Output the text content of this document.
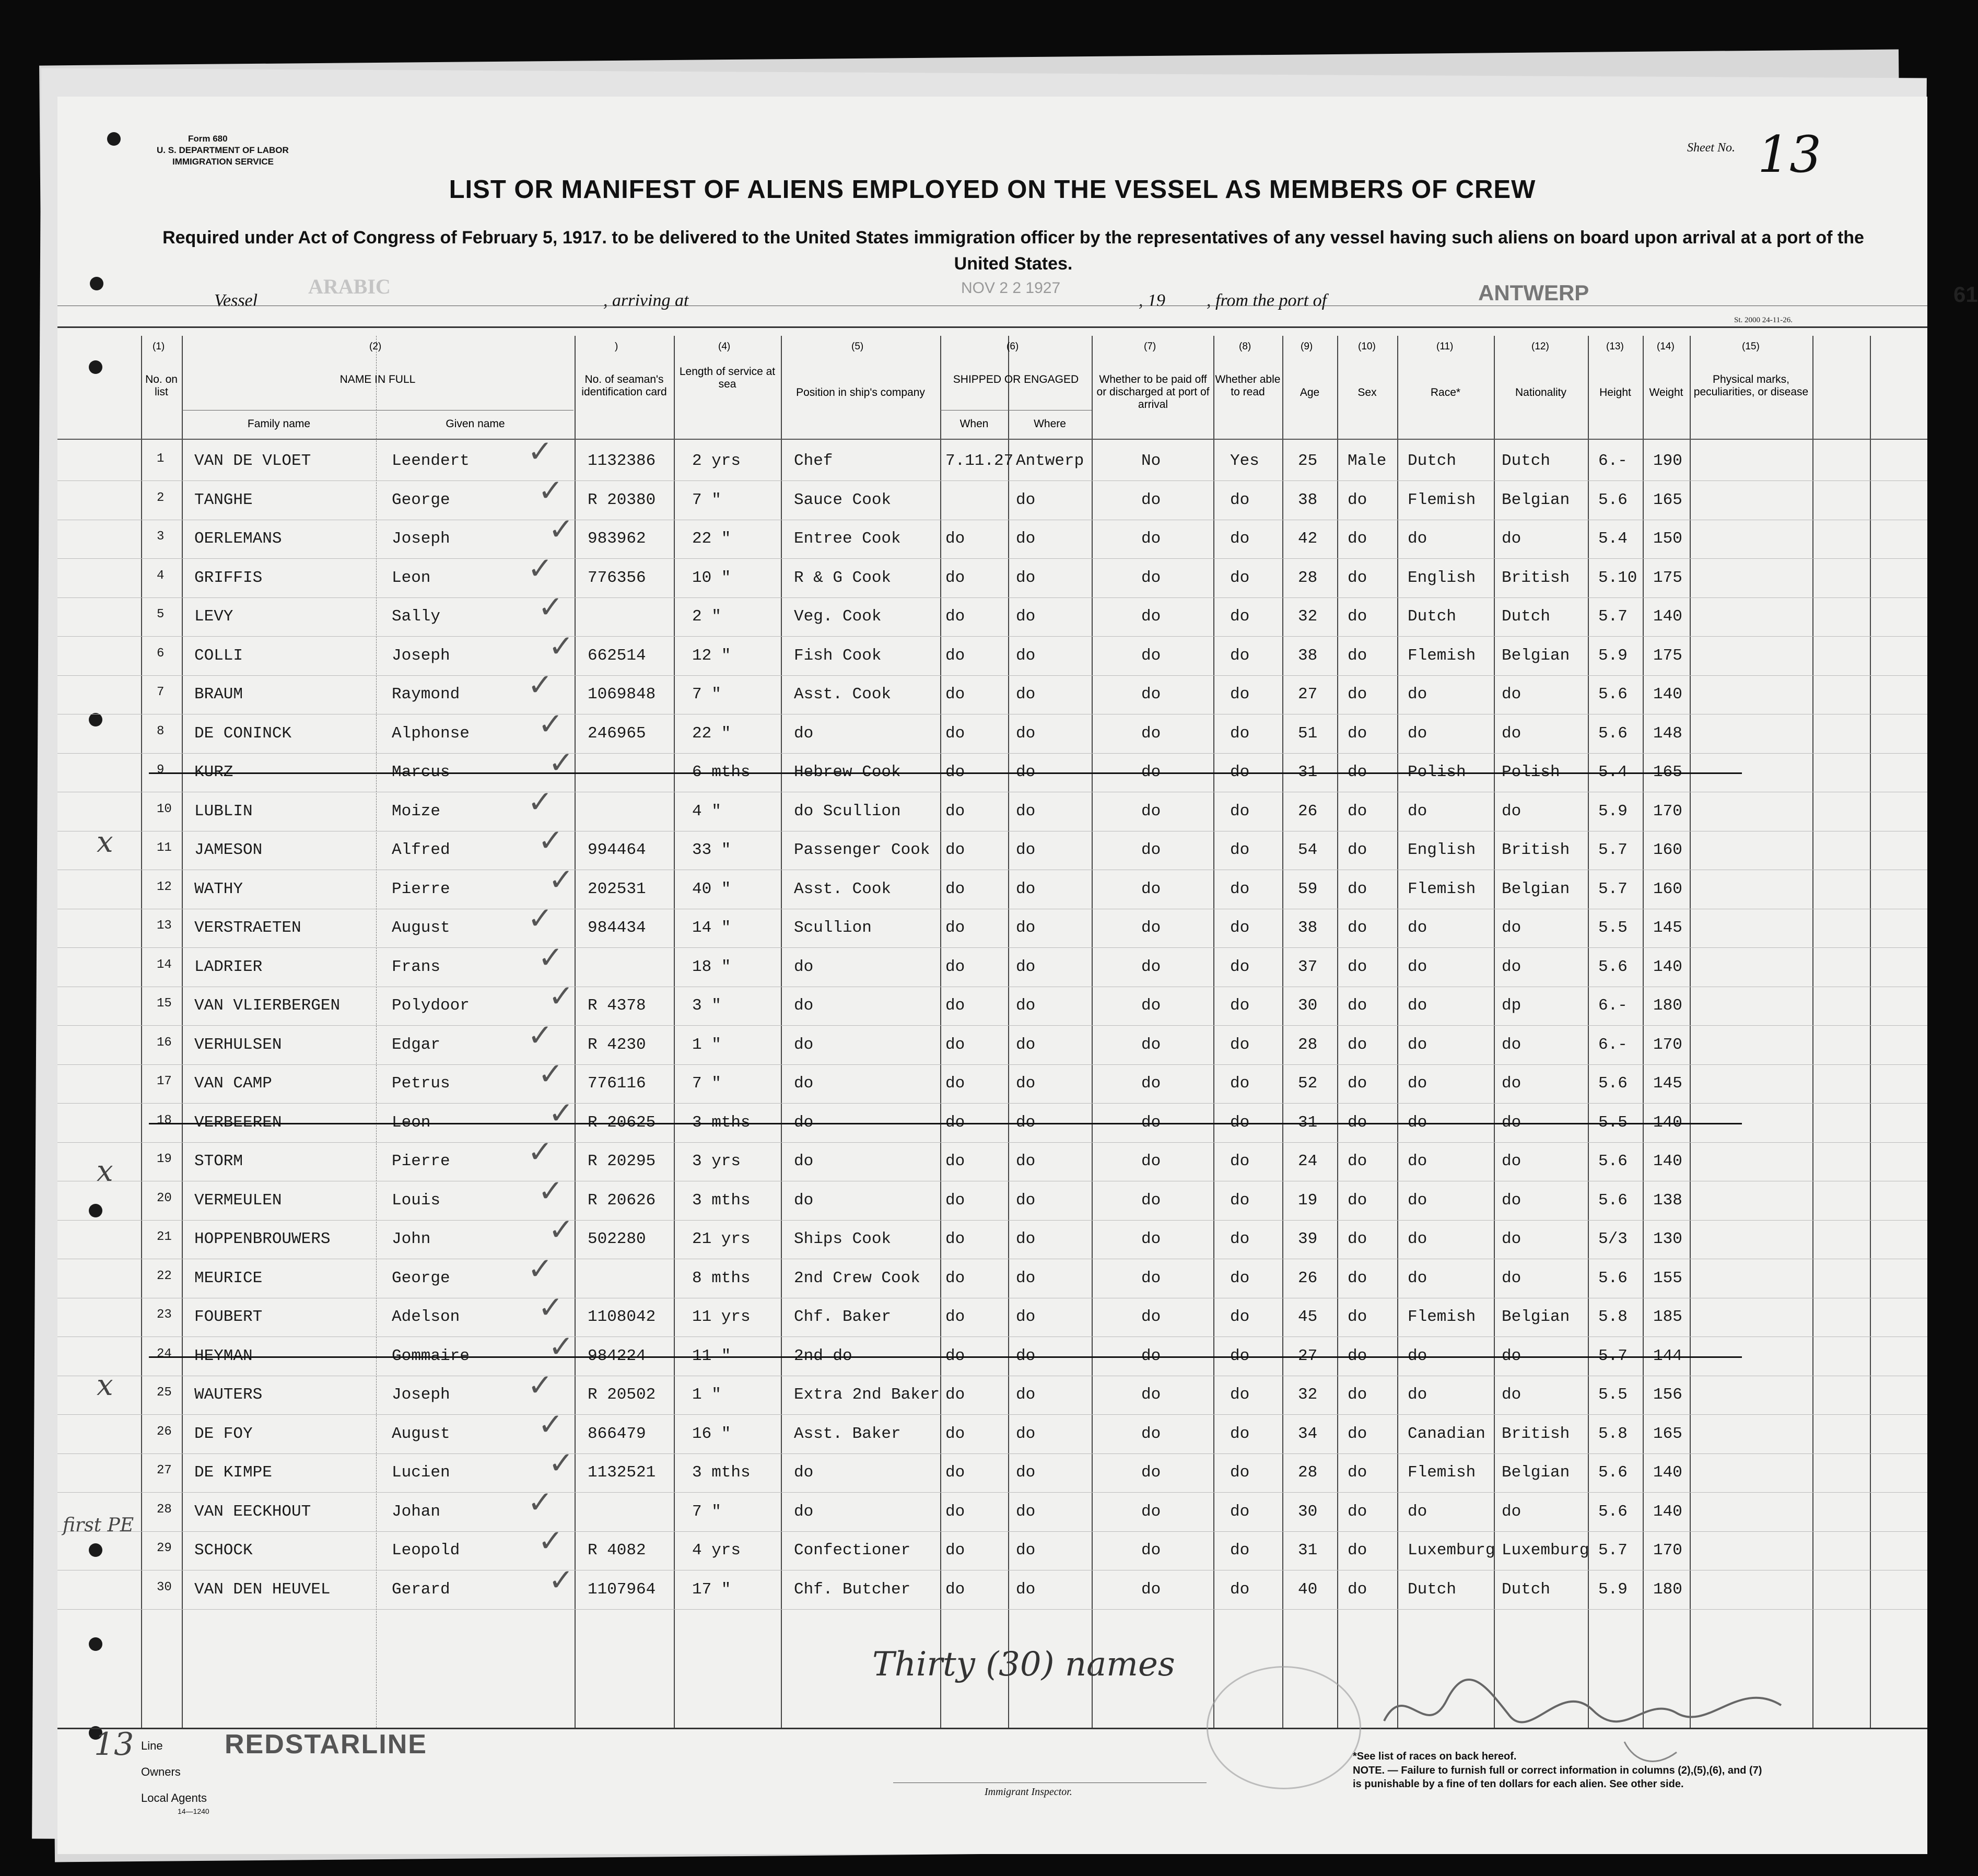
Form 680
U. S. DEPARTMENT OF LABOR
IMMIGRATION SERVICE
Sheet No. 13
LIST OR MANIFEST OF ALIENS EMPLOYED ON THE VESSEL AS MEMBERS OF CREW
Required under Act of Congress of February 5, 1917. to be delivered to the United States immigration officer by the representatives of any vessel having such aliens on board upon arrival at a port of the United States.
Vessel
ARABIC
, arriving at
NOV 2 2 1927
, 19 , from the port of	ANTWERP	61
St. 2000 24-11-26.
(1)	(2)	)	(4)	(5)	(6)	(7)	(8)	(9)	(10)	(11)	(12)	(13)	(14)	(15)
No. on list
NAME IN FULL
Family name	Given name
No. of seaman's identification card
Length of service at sea
Position in ship's company
SHIPPED OR ENGAGED
When	Where
Whether to be paid off or discharged at port of arrival
Whether able to read	Age	Sex	Race*	Nationality	Height	Weight
Physical marks, peculiarities, or disease
1 VAN DE VLOET	Leendert	1132386 2 yrs	Chef	7.11.27 Antwerp	No	Yes 25 Male Dutch	Dutch	6.- 190
✓
2 TANGHE	George	R 20380 7 "	Sauce Cook	do	do	do	38 do	Flemish Belgian 5.6 165
✓
3 OERLEMANS	Joseph	983962	22 "	Entree Cook	do	do	do	do	42 do	do	do	5.4 150
✓
4 GRIFFIS	Leon	776356	10 "	R & G Cook	do	do	do	do	28 do	English British 5.10 175
✓
5 LEVY	Sally	2 "	Veg. Cook	do	do	do	do	32 do	Dutch	Dutch	5.7 140
✓
6 COLLI	Joseph	662514	12 "	Fish Cook	do	do	do	do	38 do	Flemish Belgian 5.9 175
✓
7 BRAUM	Raymond	1069848 7 "	Asst. Cook	do	do	do	do	27 do	do	do	5.6 140
✓
8 DE CONINCK	Alphonse	246965	22 "	do	do	do	do	do	51 do	do	do	5.6 148
✓
9 KURZ	Marcus	6 mths	Hebrew Cook	do	do	do	do	31 do	Polish Polish 5.4 165
✓
10 LUBLIN	Moize	4 "	do Scullion	do	do	do	do	26 do	do	do	5.9 170
✓
11 JAMESON	Alfred	994464	33 "	Passenger Cook do	do	do	do	54 do	English British 5.7 160
✓
12 WATHY	Pierre	202531	40 "	Asst. Cook	do	do	do	do	59 do	Flemish Belgian 5.7 160
✓
13 VERSTRAETEN	August	984434	14 "	Scullion	do	do	do	do	38 do	do	do	5.5 145
✓
14 LADRIER	Frans	18 "	do	do	do	do	do	37 do	do	do	5.6 140
✓
15 VAN VLIERBERGEN	Polydoor	R 4378	3 "	do	do	do	do	do	30 do	do	dp	6.- 180
✓
16 VERHULSEN	Edgar	R 4230	1 "	do	do	do	do	do	28 do	do	do	6.- 170
✓
17 VAN CAMP	Petrus	776116	7 "	do	do	do	do	do	52 do	do	do	5.6 145
✓
18 VERBEEREN	Leon	R 20625 3 mths	do	do	do	do	do	31 do	do	do	5.5 140
✓
19 STORM	Pierre	R 20295 3 yrs	do	do	do	do	do	24 do	do	do	5.6 140
✓
20 VERMEULEN	Louis	R 20626 3 mths	do	do	do	do	do	19 do	do	do	5.6 138
✓
21 HOPPENBROUWERS	John	502280	21 yrs	Ships Cook	do	do	do	do	39 do	do	do	5/3 130
✓
22 MEURICE	George	8 mths	2nd Crew Cook do	do	do	do	26 do	do	do	5.6 155
✓
23 FOUBERT	Adelson	1108042 11 yrs	Chf. Baker	do	do	do	do	45 do	Flemish Belgian 5.8 185
✓
24 HEYMAN	Gommaire	984224	11 "	2nd do	do	do	do	do	27 do	do	do	5.7 144
✓
25 WAUTERS	Joseph	R 20502 1 "	Extra 2nd Baker do	do	do	do	32 do	do	do	5.5 156
✓
26 DE FOY	August	866479	16 "	Asst. Baker	do	do	do	do	34 do	Canadian British 5.8 165
✓
27 DE KIMPE	Lucien	1132521 3 mths	do	do	do	do	do	28 do	Flemish Belgian 5.6 140
✓
28 VAN EECKHOUT	Johan	7 "	do	do	do	do	do	30 do	do	do	5.6 140
✓
29 SCHOCK	Leopold	R 4082	4 yrs	Confectioner do	do	do	do	31 do	Luxemburg Luxemburg 5.7 170
✓
30 VAN DEN HEUVEL	Gerard	1107964 17 "	Chf. Butcher do	do	do	do	40 do	Dutch	Dutch	5.9 180
✓
Thirty (30) names
first PE
13
x
x
x
Line REDSTARLINE
Owners
Local Agents
14—1240
Immigrant Inspector.
*See list of races on back hereof.
NOTE. — Failure to furnish full or correct information in columns (2),(5),(6), and (7) is punishable by a fine of ten dollars for each alien. See other side.
